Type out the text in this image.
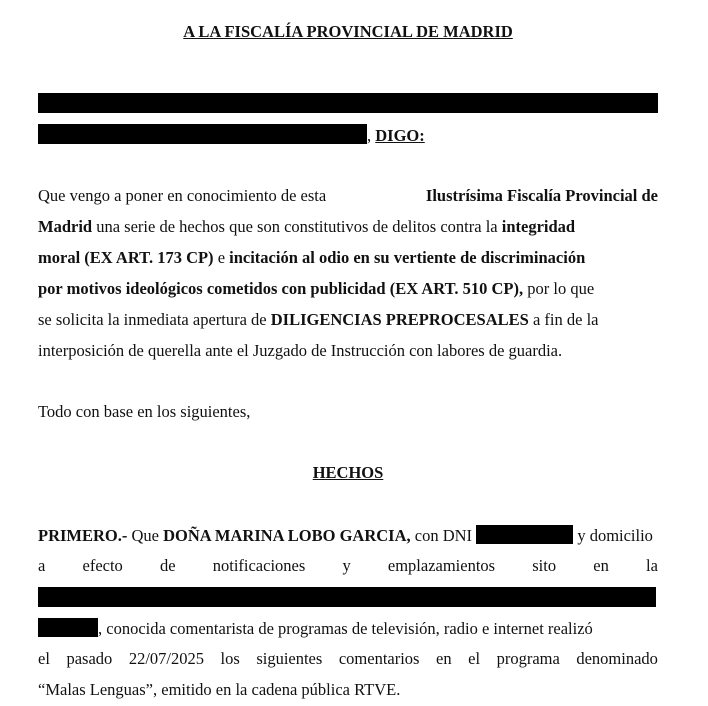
A LA FISCALÍA PROVINCIAL DE MADRID
, DIGO:
Que vengo a poner en conocimiento de esta	Ilustrísima Fiscalía Provincial de
Madrid una serie de hechos que son constitutivos de delitos contra la integridad
moral (EX ART. 173 CP) e incitación al odio en su vertiente de discriminación
por motivos ideológicos cometidos con publicidad (EX ART. 510 CP), por lo que
se solicita la inmediata apertura de DILIGENCIAS PREPROCESALES a fin de la
interposición de querella ante el Juzgado de Instrucción con labores de guardia.
Todo con base en los siguientes,
HECHOS
PRIMERO.- Que DOÑA MARINA LOBO GARCIA, con DNI	y domicilio
a efecto de notificaciones y emplazamientos sito en la
, conocida comentarista de programas de televisión, radio e internet realizó
el pasado 22/07/2025 los siguientes comentarios en el programa denominado
“Malas Lenguas”, emitido en la cadena pública RTVE.
